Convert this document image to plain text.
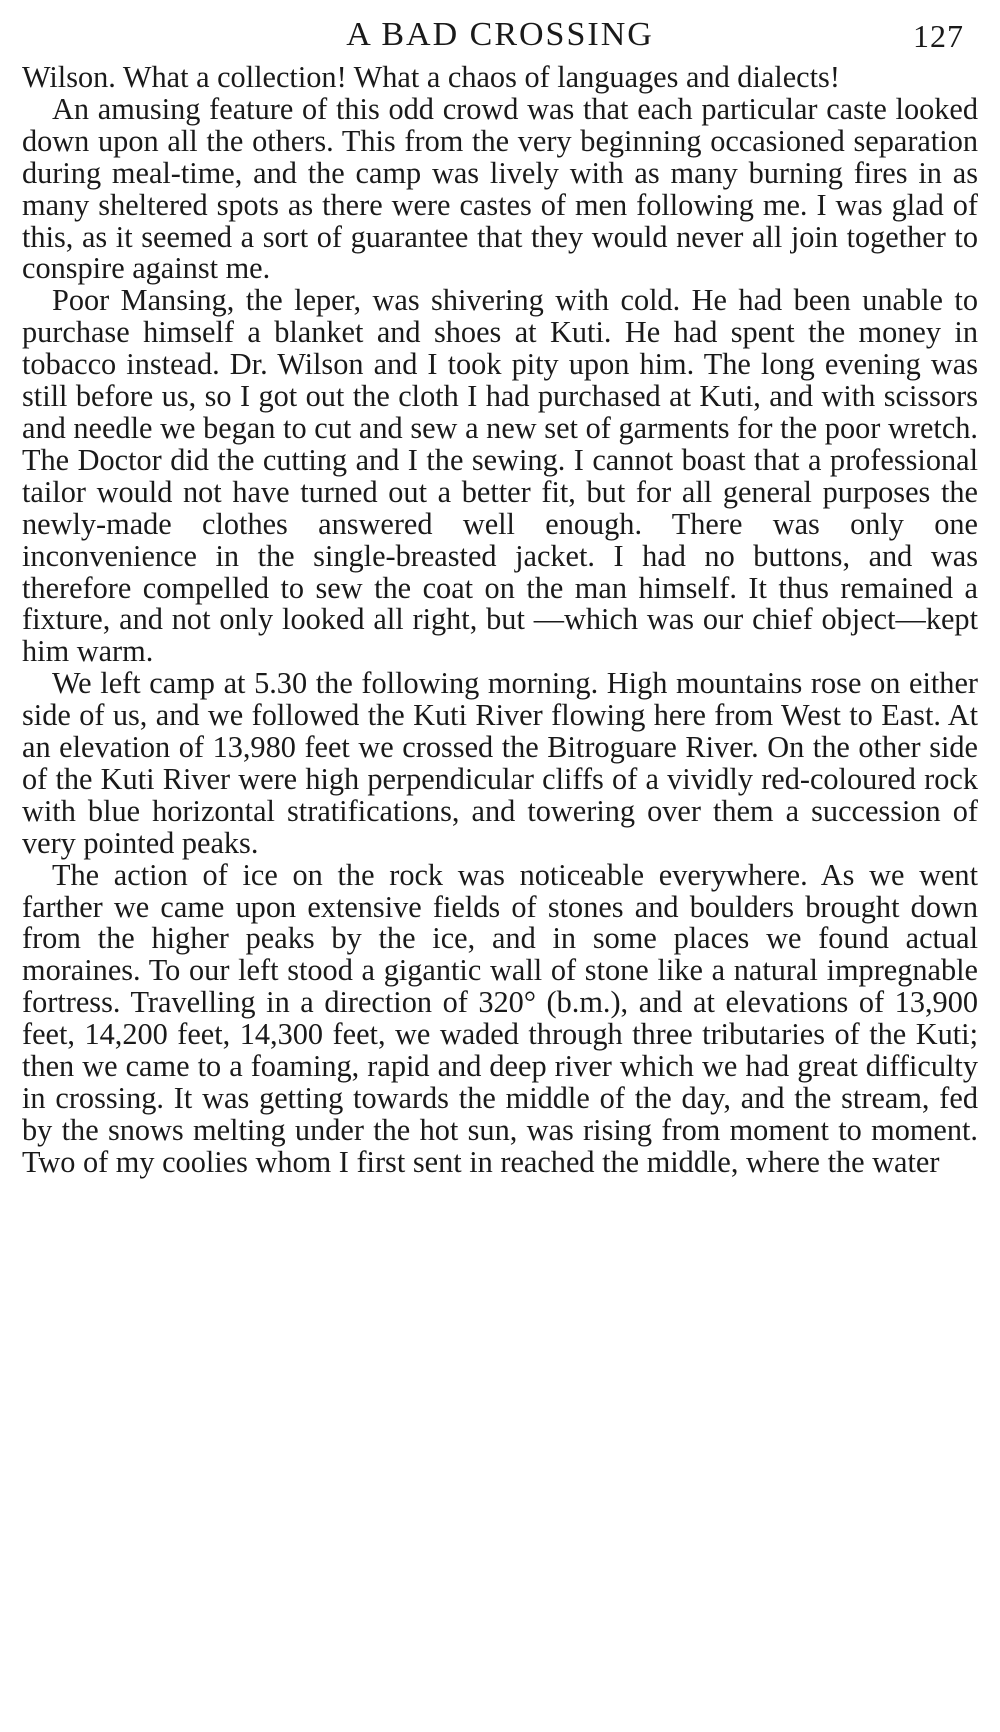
A BAD CROSSING	127

Wilson. What a collection! What a chaos of languages and dialects!

An amusing feature of this odd crowd was that each particular caste looked down upon all the others. This from the very beginning occasioned separation during meal-time, and the camp was lively with as many burning fires in as many sheltered spots as there were castes of men following me. I was glad of this, as it seemed a sort of guarantee that they would never all join together to conspire against me.

Poor Mansing, the leper, was shivering with cold. He had been unable to purchase himself a blanket and shoes at Kuti. He had spent the money in tobacco instead. Dr. Wilson and I took pity upon him. The long evening was still before us, so I got out the cloth I had purchased at Kuti, and with scissors and needle we began to cut and sew a new set of garments for the poor wretch. The Doctor did the cutting and I the sewing. I cannot boast that a professional tailor would not have turned out a better fit, but for all general purposes the newly-made clothes answered well enough. There was only one inconvenience in the single-breasted jacket. I had no buttons, and was therefore compelled to sew the coat on the man himself. It thus remained a fixture, and not only looked all right, but —which was our chief object—kept him warm.

We left camp at 5.30 the following morning. High mountains rose on either side of us, and we followed the Kuti River flowing here from West to East. At an elevation of 13,980 feet we crossed the Bitroguare River. On the other side of the Kuti River were high perpendicular cliffs of a vividly red-coloured rock with blue horizontal stratifications, and towering over them a succession of very pointed peaks.

The action of ice on the rock was noticeable everywhere. As we went farther we came upon extensive fields of stones and boulders brought down from the higher peaks by the ice, and in some places we found actual moraines. To our left stood a gigantic wall of stone like a natural impregnable fortress. Travelling in a direction of 320° (b.m.), and at elevations of 13,900 feet, 14,200 feet, 14,300 feet, we waded through three tributaries of the Kuti; then we came to a foaming, rapid and deep river which we had great difficulty in crossing. It was getting towards the middle of the day, and the stream, fed by the snows melting under the hot sun, was rising from moment to moment. Two of my coolies whom I first sent in reached the middle, where the water
